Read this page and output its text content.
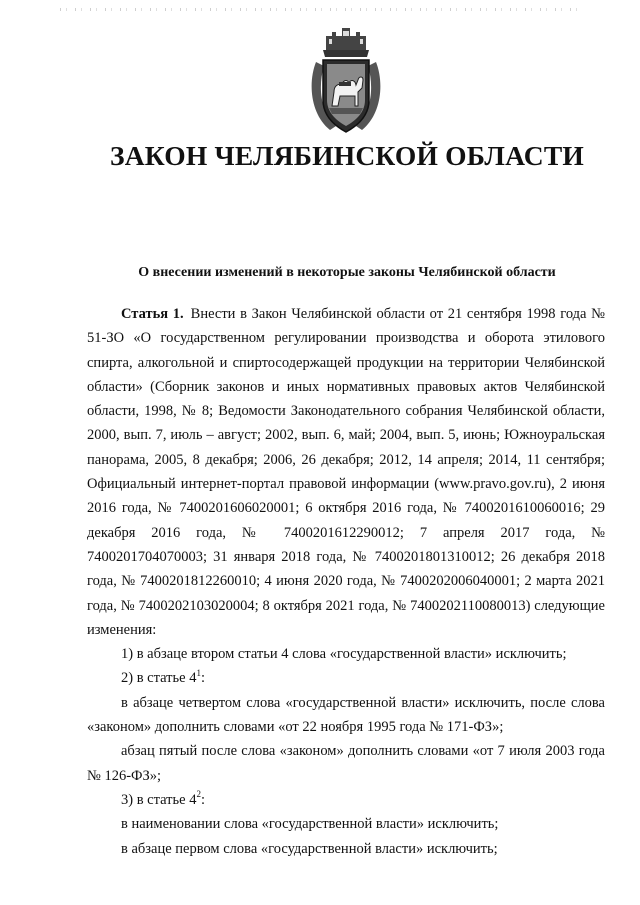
ЗАКОН ЧЕЛЯБИНСКОЙ ОБЛАСТИ
О внесении изменений в некоторые законы Челябинской области

Статья 1. Внести в Закон Челябинской области от 21 сентября 1998 года № 51-ЗО «О государственном регулировании производства и оборота этилового спирта, алкогольной и спиртосодержащей продукции на территории Челябинской области» (Сборник законов и иных нормативных правовых актов Челябинской области, 1998, № 8; Ведомости Законодательного собрания Челябинской области, 2000, вып. 7, июль – август; 2002, вып. 6, май; 2004, вып. 5, июнь; Южноуральская панорама, 2005, 8 декабря; 2006, 26 декабря; 2012, 14 апреля; 2014, 11 сентября; Официальный интернет-портал правовой информации (www.pravo.gov.ru), 2 июня 2016 года, № 7400201606020001; 6 октября 2016 года, № 7400201610060016; 29 декабря 2016 года, № 7400201612290012; 7 апреля 2017 года, № 7400201704070003; 31 января 2018 года, № 7400201801310012; 26 декабря 2018 года, № 7400201812260010; 4 июня 2020 года, № 7400202006040001; 2 марта 2021 года, № 7400202103020004; 8 октября 2021 года, № 7400202110080013) следующие изменения:

1) в абзаце втором статьи 4 слова «государственной власти» исключить;

2) в статье $4^1$:

в абзаце четвертом слова «государственной власти» исключить, после слова «законом» дополнить словами «от 22 ноября 1995 года № 171-ФЗ»;

абзац пятый после слова «законом» дополнить словами «от 7 июля 2003 года № 126-ФЗ»;

3) в статье $4^2$:

в наименовании слова «государственной власти» исключить;

в абзаце первом слова «государственной власти» исключить;
